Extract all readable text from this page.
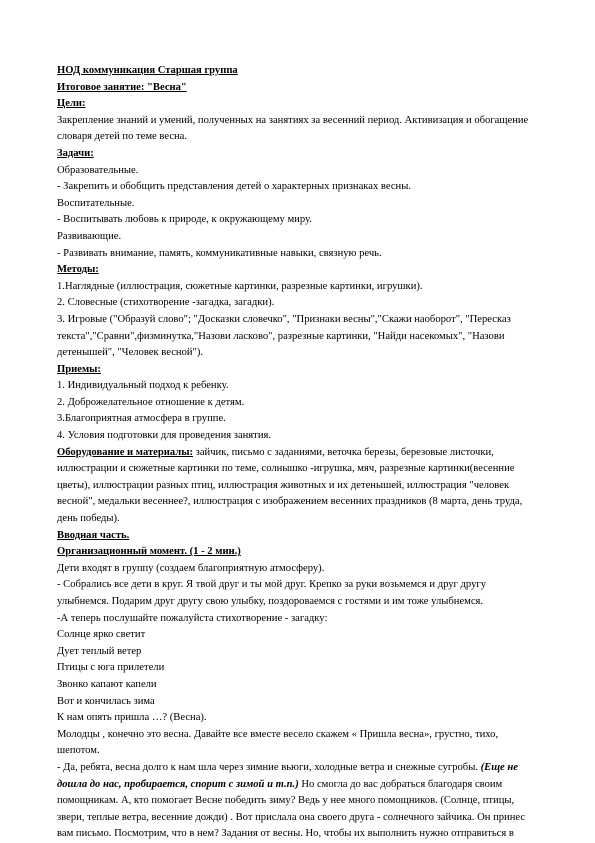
НОД коммуникация Старшая группа

Итоговое занятие: "Весна"

Цели:

Закрепление знаний и умений, полученных на занятиях за весенний период. Активизация и обогащение словаря детей по теме весна.

Задачи:

Образовательные.

- Закрепить и обобщить представления детей о характерных признаках весны.

Воспитательные.

- Воспитывать любовь к природе, к окружающему миру.

Развивающие.

- Развивать внимание, память, коммуникативные навыки, связную речь.

Методы:

1.Наглядные (иллюстрация, сюжетные картинки, разрезные картинки, игрушки).

2. Словесные (стихотворение -загадка, загадки).

3. Игровые ("Образуй слово"; "Досказки словечко", "Признаки весны","Скажи наоборот", "Пересказ текста","Сравни",физминутка,"Назови ласково", разрезные картинки, "Найди насекомых", "Назови детенышей", "Человек весной").

Приемы:

1. Индивидуальный подход к ребенку.

2. Доброжелательное отношение к детям.

3.Благоприятная атмосфера в группе.

4. Условия подготовки для проведения занятия.

Оборудование и материалы: зайчик, письмо с заданиями, веточка березы, березовые листочки, иллюстрации и сюжетные картинки по теме, солнышко -игрушка, мяч, разрезные картинки(весенние цветы), иллюстрации разных птиц, иллюстрация животных и их детенышей, иллюстрация "человек весной", медальки весеннее?, иллюстрация с изображением весенних праздников (8 марта, день труда, день победы).

Вводная часть.

Организационный момент. (1 - 2 мин.)

Дети входят в группу (создаем благоприятную атмосферу).

- Собрались все дети в круг. Я твой друг и ты мой друг. Крепко за руки возьмемся и друг другу улыбнемся. Подарим друг другу свою улыбку, поздороваемся с гостями и им тоже улыбнемся.

-А теперь послушайте пожалуйста стихотворение - загадку:

Солнце ярко светит

Дует теплый ветер

Птицы с юга прилетели

Звонко капают капели

Вот и кончилась зима

К нам опять пришла …? (Весна).

Молодцы , конечно это весна. Давайте все вместе весело скажем « Пришла весна», грустно, тихо, шепотом.

- Да, ребята, весна долго к нам шла через зимние вьюги, холодные ветра и снежные сугробы. (Еще не дошла до нас, пробирается, спорит с зимой и т.п.) Но смогла до вас добраться благодаря своим помощникам. А, кто помогает Весне победить зиму? Ведь у нее много помощников. (Солнце, птицы, звери, теплые ветра, весенние дожди) . Вот прислала она своего друга - солнечного зайчика. Он принес вам письмо. Посмотрим, что в нем? Задания от весны. Но, чтобы их выполнить нужно отправиться в
